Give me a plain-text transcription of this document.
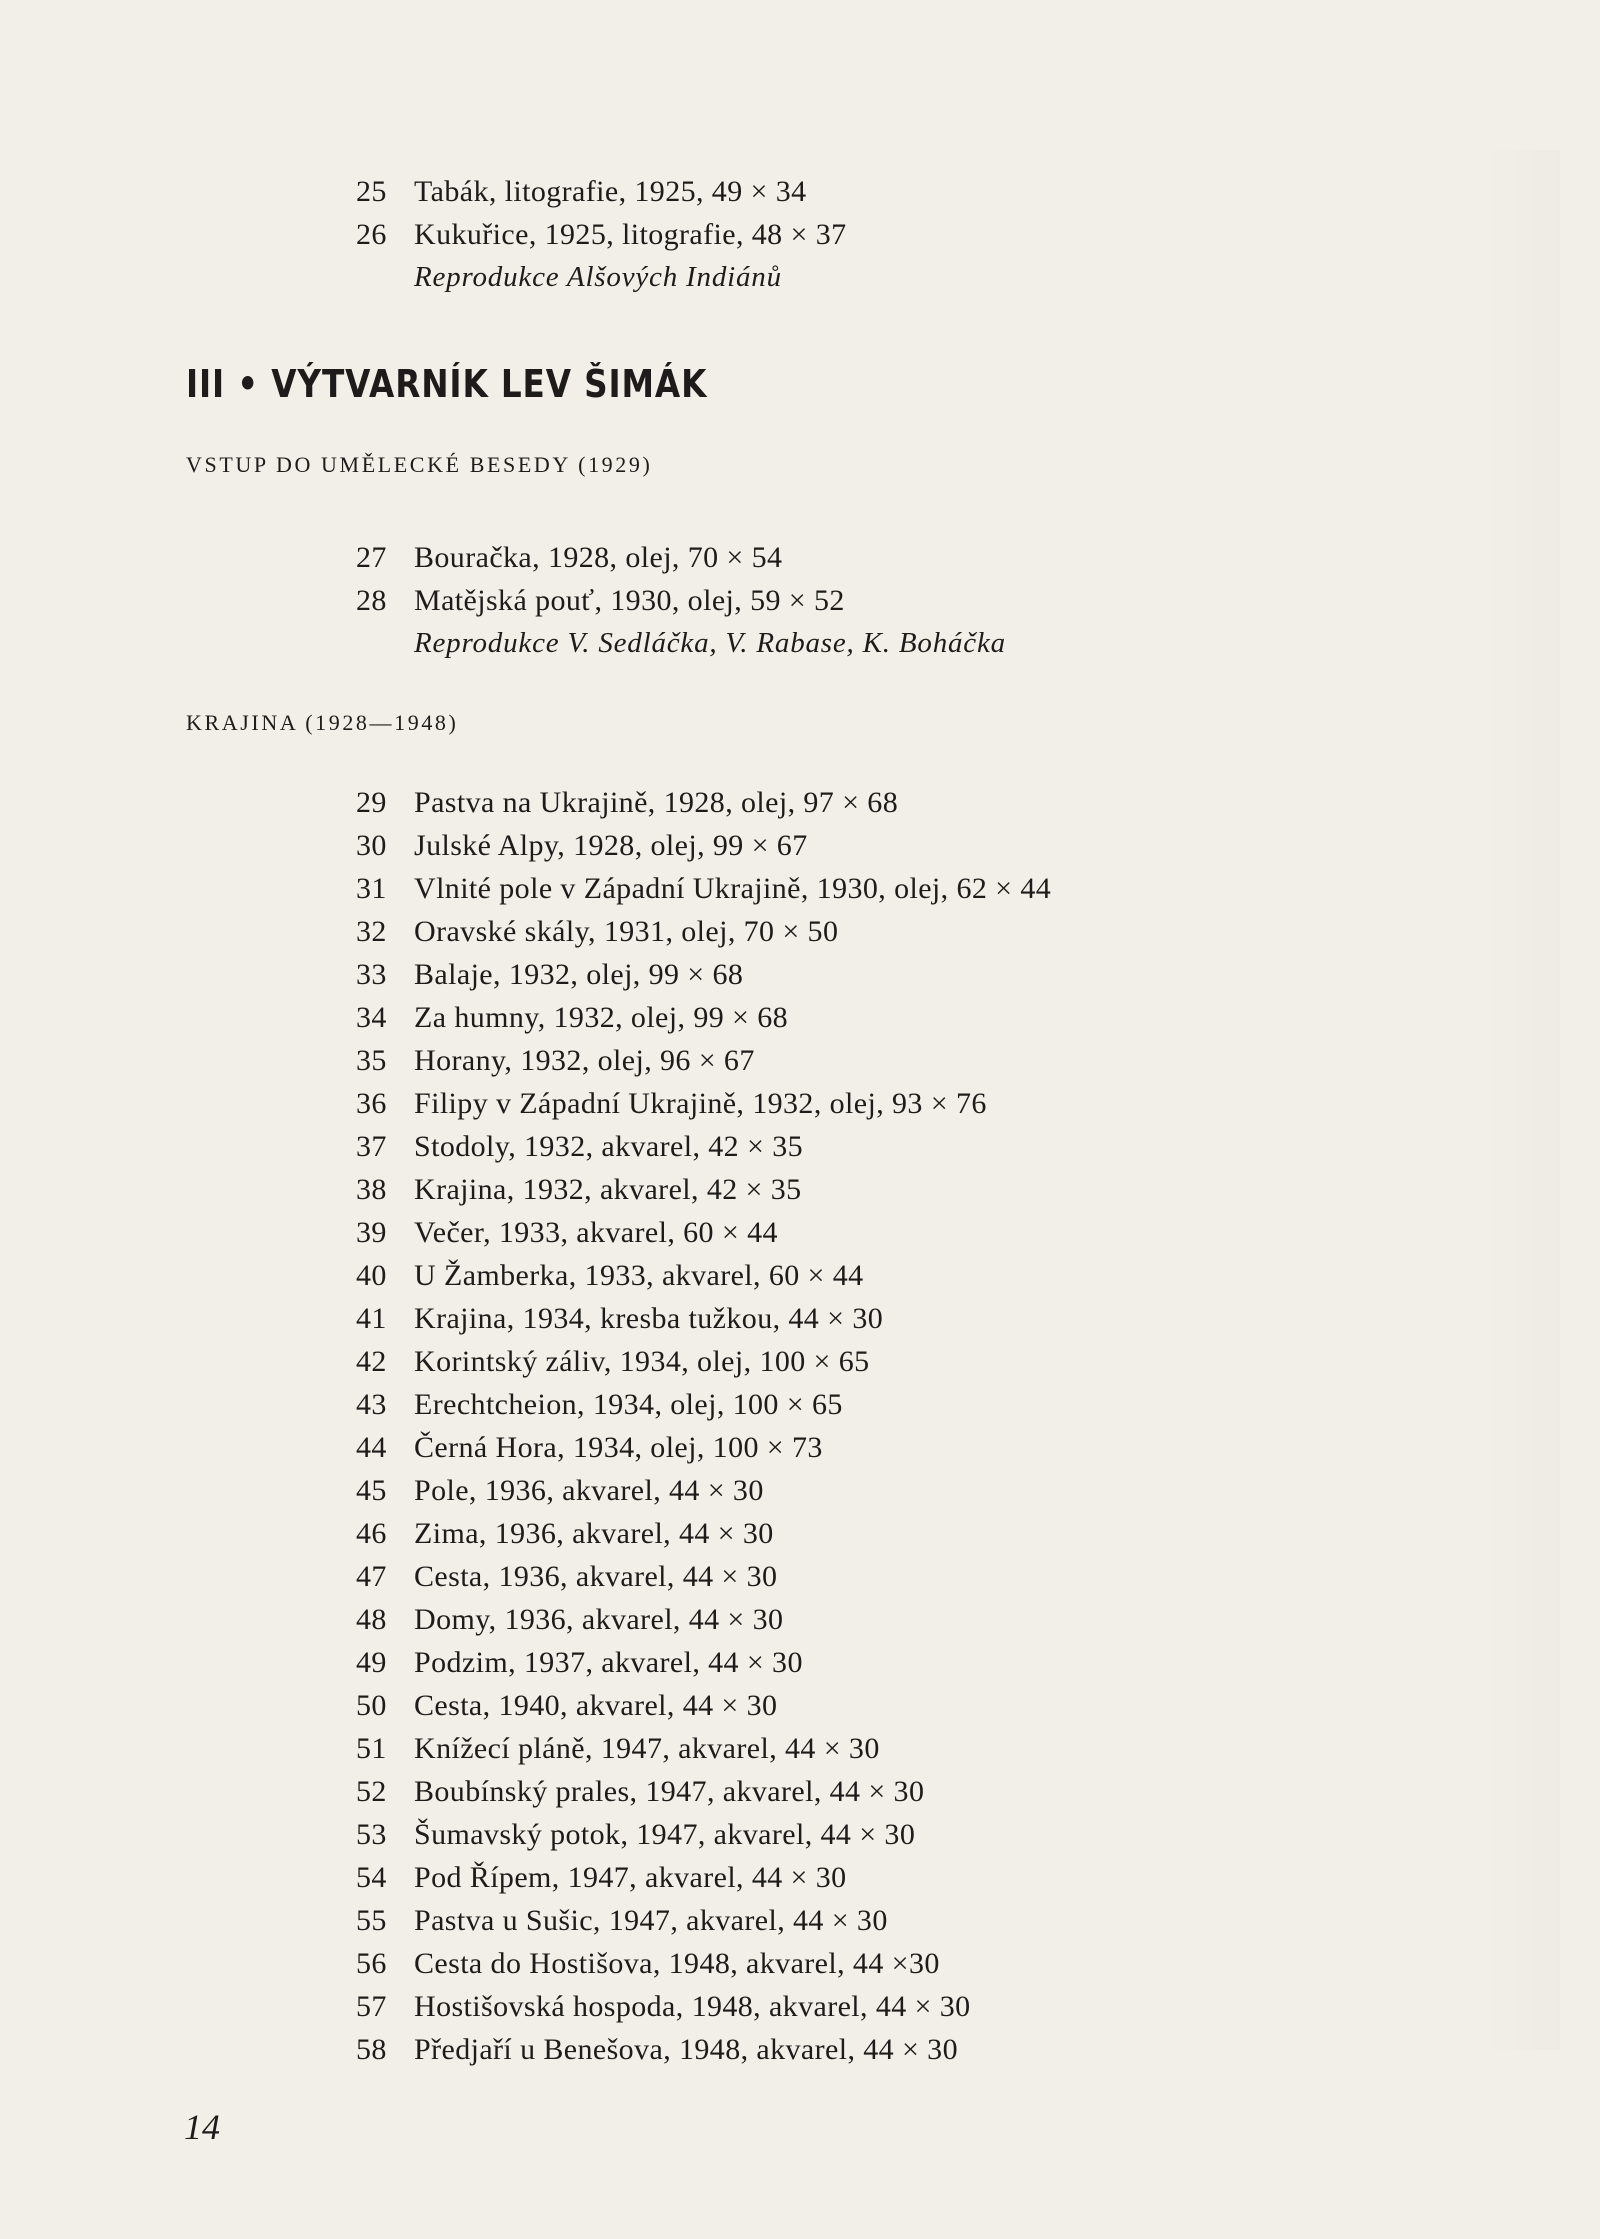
25 Tabák, litografie, 1925, 49 × 34
26 Kukuřice, 1925, litografie, 48 × 37
Reprodukce Alšových Indiánů
III • VÝTVARNÍK LEV ŠIMÁK
VSTUP DO UMĚLECKÉ BESEDY (1929)
27 Bouračka, 1928, olej, 70 × 54
28 Matějská pouť, 1930, olej, 59 × 52
Reprodukce V. Sedláčka, V. Rabase, K. Boháčka
KRAJINA (1928—1948)
29 Pastva na Ukrajině, 1928, olej, 97 × 68
30 Julské Alpy, 1928, olej, 99 × 67
31 Vlnité pole v Západní Ukrajině, 1930, olej, 62 × 44
32 Oravské skály, 1931, olej, 70 × 50
33 Balaje, 1932, olej, 99 × 68
34 Za humny, 1932, olej, 99 × 68
35 Horany, 1932, olej, 96 × 67
36 Filipy v Západní Ukrajině, 1932, olej, 93 × 76
37 Stodoly, 1932, akvarel, 42 × 35
38 Krajina, 1932, akvarel, 42 × 35
39 Večer, 1933, akvarel, 60 × 44
40 U Žamberka, 1933, akvarel, 60 × 44
41 Krajina, 1934, kresba tužkou, 44 × 30
42 Korintský záliv, 1934, olej, 100 × 65
43 Erechtcheion, 1934, olej, 100 × 65
44 Černá Hora, 1934, olej, 100 × 73
45 Pole, 1936, akvarel, 44 × 30
46 Zima, 1936, akvarel, 44 × 30
47 Cesta, 1936, akvarel, 44 × 30
48 Domy, 1936, akvarel, 44 × 30
49 Podzim, 1937, akvarel, 44 × 30
50 Cesta, 1940, akvarel, 44 × 30
51 Knížecí pláně, 1947, akvarel, 44 × 30
52 Boubínský prales, 1947, akvarel, 44 × 30
53 Šumavský potok, 1947, akvarel, 44 × 30
54 Pod Řípem, 1947, akvarel, 44 × 30
55 Pastva u Sušic, 1947, akvarel, 44 × 30
56 Cesta do Hostišova, 1948, akvarel, 44 ×30
57 Hostišovská hospoda, 1948, akvarel, 44 × 30
58 Předjaří u Benešova, 1948, akvarel, 44 × 30
14
